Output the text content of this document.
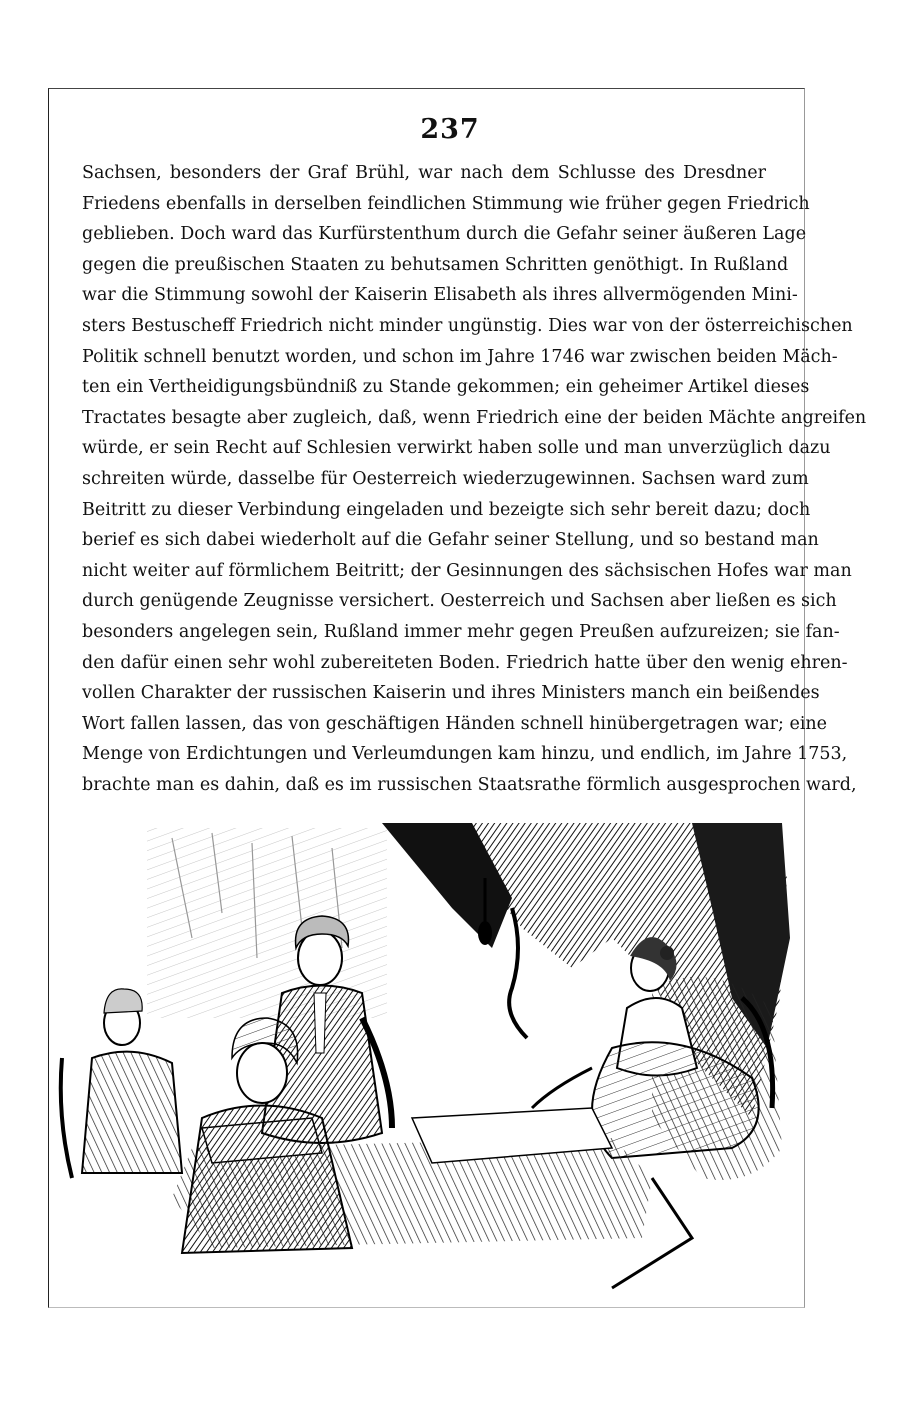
237
Sachsen, besonders der Graf Brühl, war nach dem Schlusse des Dresdner
Friedens ebenfalls in derselben feindlichen Stimmung wie früher gegen Friedrich
geblieben. Doch ward das Kurfürstenthum durch die Gefahr seiner äußeren Lage
gegen die preußischen Staaten zu behutsamen Schritten genöthigt. In Rußland
war die Stimmung sowohl der Kaiserin Elisabeth als ihres allvermögenden Mini-
sters Bestuscheff Friedrich nicht minder ungünstig. Dies war von der österreichischen
Politik schnell benutzt worden, und schon im Jahre 1746 war zwischen beiden Mäch-
ten ein Vertheidigungsbündniß zu Stande gekommen; ein geheimer Artikel dieses
Tractates besagte aber zugleich, daß, wenn Friedrich eine der beiden Mächte angreifen
würde, er sein Recht auf Schlesien verwirkt haben solle und man unverzüglich dazu
schreiten würde, dasselbe für Oesterreich wiederzugewinnen. Sachsen ward zum
Beitritt zu dieser Verbindung eingeladen und bezeigte sich sehr bereit dazu; doch
berief es sich dabei wiederholt auf die Gefahr seiner Stellung, und so bestand man
nicht weiter auf förmlichem Beitritt; der Gesinnungen des sächsischen Hofes war man
durch genügende Zeugnisse versichert. Oesterreich und Sachsen aber ließen es sich
besonders angelegen sein, Rußland immer mehr gegen Preußen aufzureizen; sie fan-
den dafür einen sehr wohl zubereiteten Boden. Friedrich hatte über den wenig ehren-
vollen Charakter der russischen Kaiserin und ihres Ministers manch ein beißendes
Wort fallen lassen, das von geschäftigen Händen schnell hinübergetragen war; eine
Menge von Erdichtungen und Verleumdungen kam hinzu, und endlich, im Jahre 1753,
brachte man es dahin, daß es im russischen Staatsrathe förmlich ausgesprochen ward,
